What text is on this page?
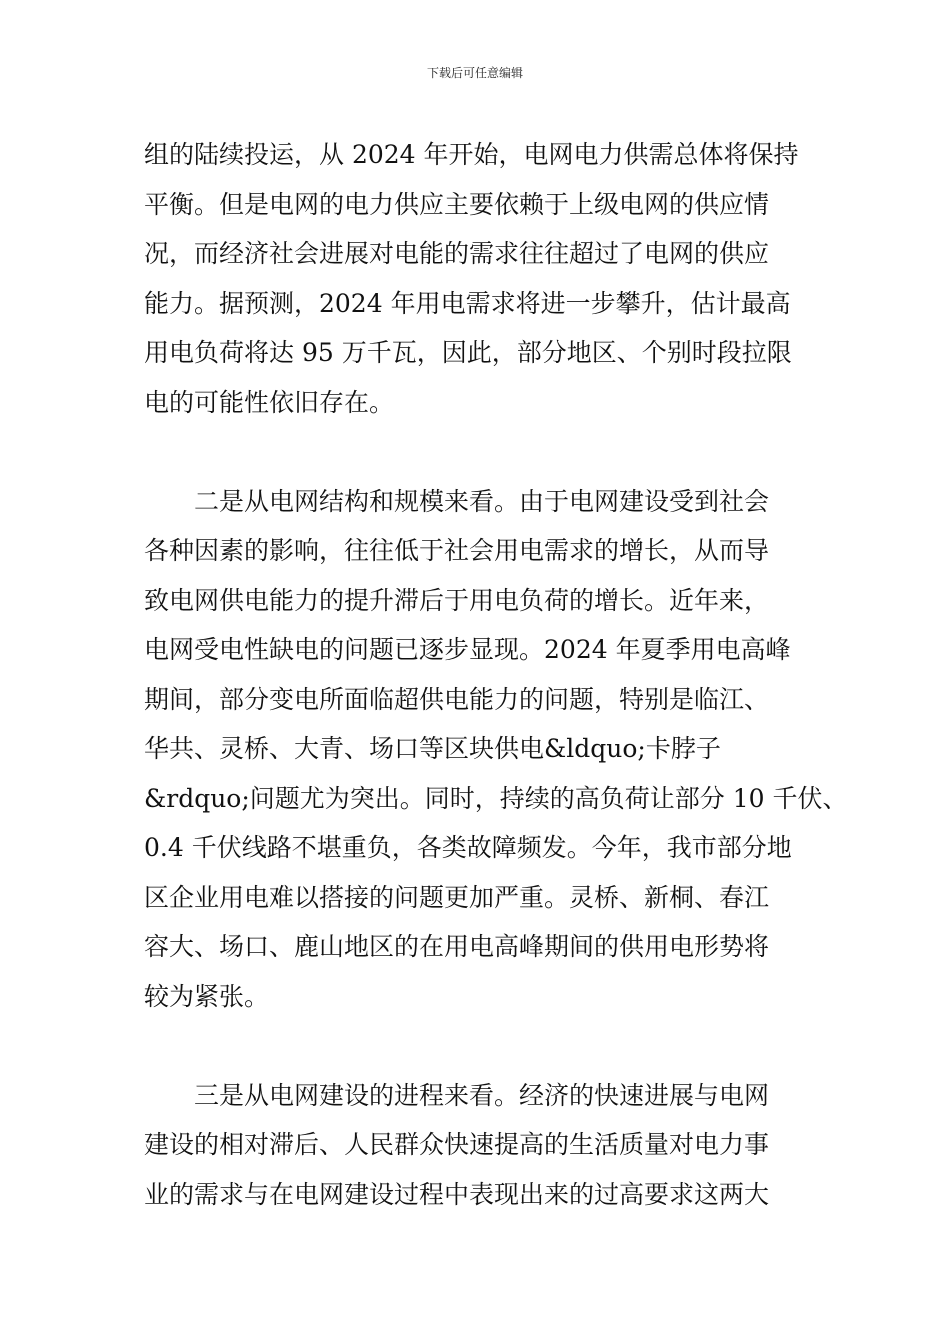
下载后可任意编辑
组的陆续投运，从 2024 年开始，电网电力供需总体将保持
平衡。但是电网的电力供应主要依赖于上级电网的供应情
况，而经济社会进展对电能的需求往往超过了电网的供应
能力。据预测，2024 年用电需求将进一步攀升，估计最高
用电负荷将达 95 万千瓦，因此，部分地区、个别时段拉限
电的可能性依旧存在。
二是从电网结构和规模来看。由于电网建设受到社会
各种因素的影响，往往低于社会用电需求的增长，从而导
致电网供电能力的提升滞后于用电负荷的增长。近年来，
电网受电性缺电的问题已逐步显现。2024 年夏季用电高峰
期间，部分变电所面临超供电能力的问题，特别是临江、
华共、灵桥、大青、场口等区块供电&ldquo;卡脖子
&rdquo;问题尤为突出。同时，持续的高负荷让部分 10 千伏、
0.4 千伏线路不堪重负，各类故障频发。今年，我市部分地
区企业用电难以搭接的问题更加严重。灵桥、新桐、春江
容大、场口、鹿山地区的在用电高峰期间的供用电形势将
较为紧张。
三是从电网建设的进程来看。经济的快速进展与电网
建设的相对滞后、人民群众快速提高的生活质量对电力事
业的需求与在电网建设过程中表现出来的过高要求这两大
